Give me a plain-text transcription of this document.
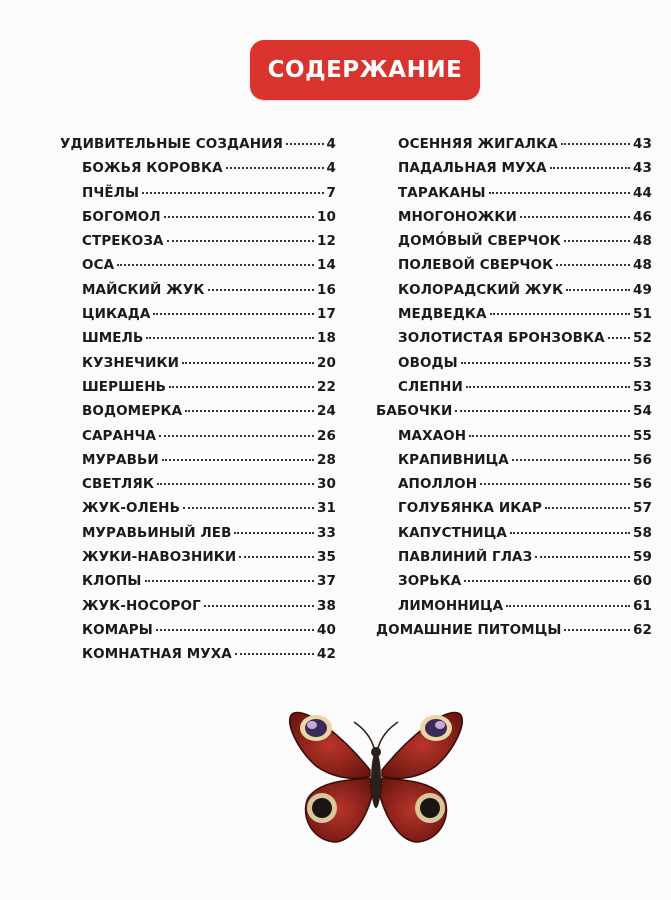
СОДЕРЖАНИЕ
УДИВИТЕЛЬНЫЕ СОЗДАНИЯ	4
БОЖЬЯ КОРОВКА	4
ПЧЁЛЫ	7
БОГОМОЛ	10
СТРЕКОЗА	12
ОСА	14
МАЙСКИЙ ЖУК	16
ЦИКАДА	17
ШМЕЛЬ	18
КУЗНЕЧИКИ	20
ШЕРШЕНЬ	22
ВОДОМЕРКА	24
САРАНЧА	26
МУРАВЬИ	28
СВЕТЛЯК	30
ЖУК-ОЛЕНЬ	31
МУРАВЬИНЫЙ ЛЕВ	33
ЖУКИ-НАВОЗНИКИ	35
КЛОПЫ	37
ЖУК-НОСОРОГ	38
КОМАРЫ	40
КОМНАТНАЯ МУХА	42
ОСЕННЯЯ ЖИГАЛКА	43
ПАДАЛЬНАЯ МУХА	43
ТАРАКАНЫ	44
МНОГОНОЖКИ	46
ДОМО́ВЫЙ СВЕРЧОК	48
ПОЛЕВОЙ СВЕРЧОК	48
КОЛОРАДСКИЙ ЖУК	49
МЕДВЕДКА	51
ЗОЛОТИСТАЯ БРОНЗОВКА 52
ОВОДЫ	53
СЛЕПНИ	53
БАБОЧКИ	54
МАХАОН	55
КРАПИВНИЦА	56
АПОЛЛОН	56
ГОЛУБЯНКА ИКАР	57
КАПУСТНИЦА	58
ПАВЛИНИЙ ГЛАЗ	59
ЗОРЬКА	60
ЛИМОННИЦА	61
ДОМАШНИЕ ПИТОМЦЫ	62
